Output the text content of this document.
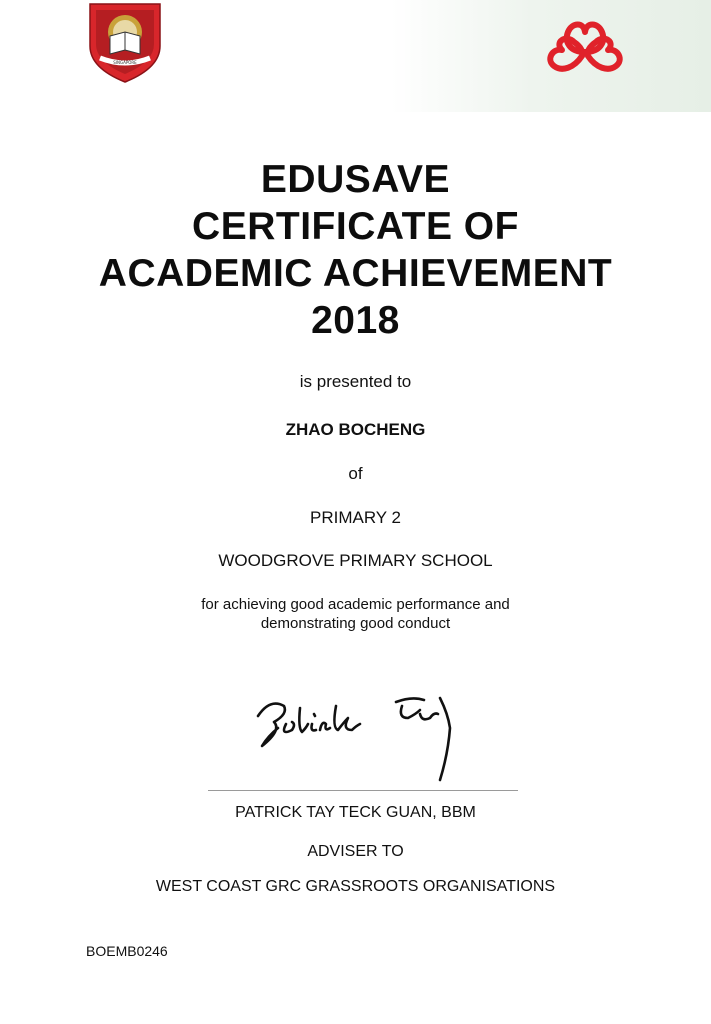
SINGAPORE
EDUSAVE
CERTIFICATE OF
ACADEMIC ACHIEVEMENT
2018
is presented to
ZHAO BOCHENG
of
PRIMARY 2
WOODGROVE PRIMARY SCHOOL
for achieving good academic performance and
demonstrating good conduct
PATRICK TAY TECK GUAN, BBM
ADVISER TO
WEST COAST GRC GRASSROOTS ORGANISATIONS
BOEMB0246
